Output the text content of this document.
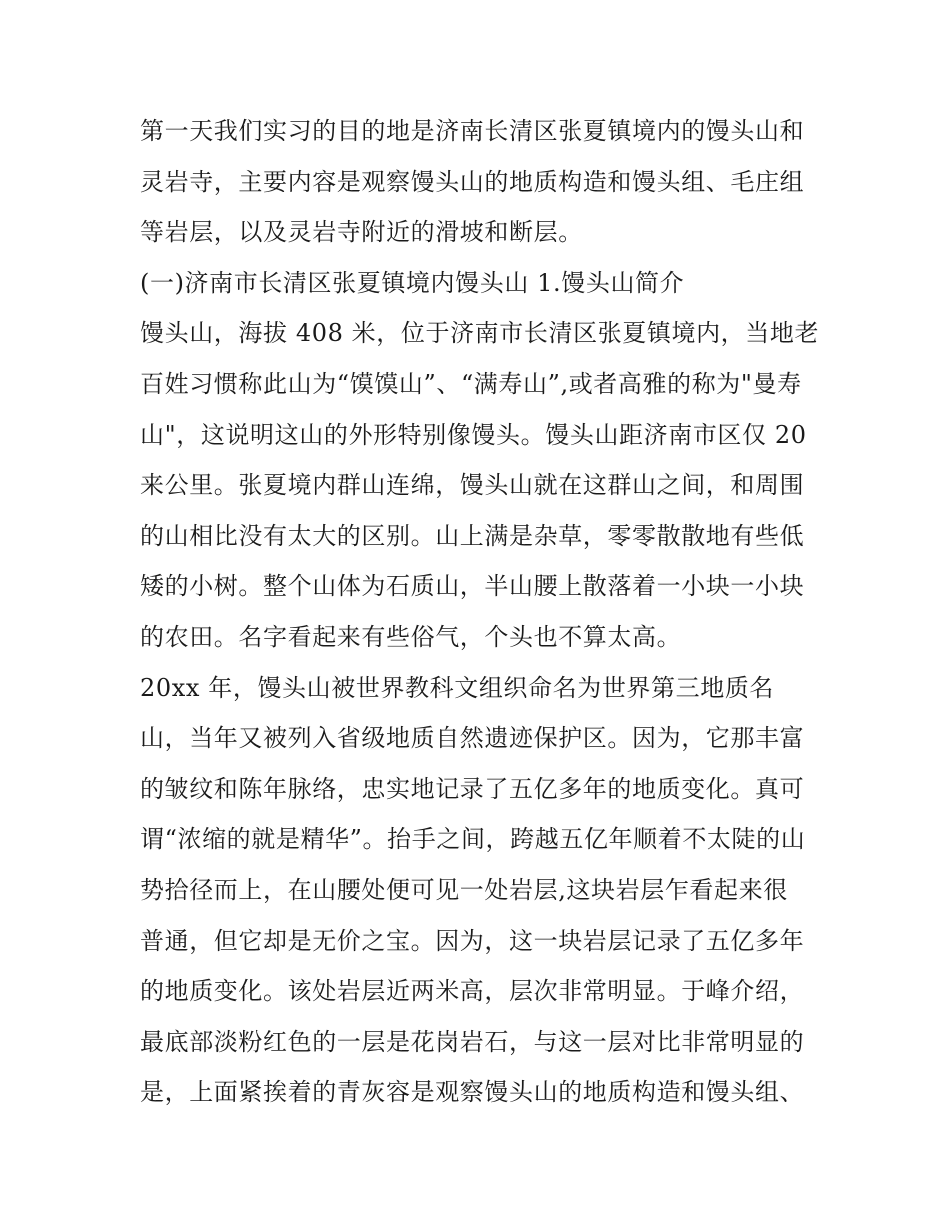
第一天我们实习的目的地是济南长清区张夏镇境内的馒头山和
灵岩寺，主要内容是观察馒头山的地质构造和馒头组、毛庄组
等岩层，以及灵岩寺附近的滑坡和断层。
(一)济南市长清区张夏镇境内馒头山 1.馒头山简介
馒头山，海拔 408 米，位于济南市长清区张夏镇境内，当地老
百姓习惯称此山为“馍馍山”、“满寿山”,或者高雅的称为"曼寿
山"，这说明这山的外形特别像馒头。馒头山距济南市区仅 20
来公里。张夏境内群山连绵，馒头山就在这群山之间，和周围
的山相比没有太大的区别。山上满是杂草，零零散散地有些低
矮的小树。整个山体为石质山，半山腰上散落着一小块一小块
的农田。名字看起来有些俗气，个头也不算太高。
20xx 年，馒头山被世界教科文组织命名为世界第三地质名
山，当年又被列入省级地质自然遗迹保护区。因为，它那丰富
的皱纹和陈年脉络，忠实地记录了五亿多年的地质变化。真可
谓“浓缩的就是精华”。抬手之间，跨越五亿年顺着不太陡的山
势拾径而上，在山腰处便可见一处岩层,这块岩层乍看起来很
普通，但它却是无价之宝。因为，这一块岩层记录了五亿多年
的地质变化。该处岩层近两米高，层次非常明显。于峰介绍，
最底部淡粉红色的一层是花岗岩石，与这一层对比非常明显的
是，上面紧挨着的青灰容是观察馒头山的地质构造和馒头组、
